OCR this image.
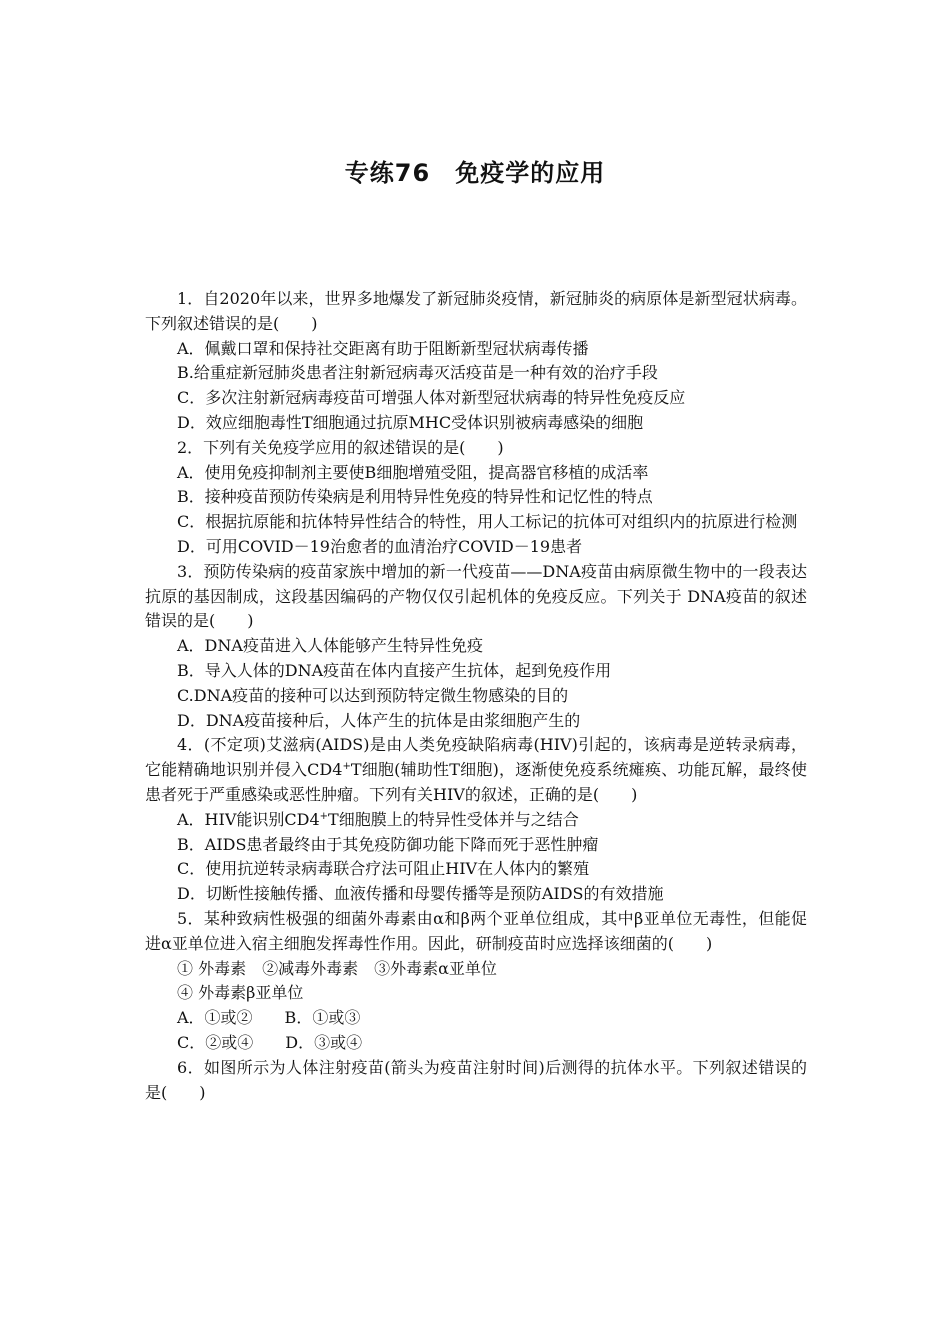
专练76　免疫学的应用

1．自2020年以来，世界多地爆发了新冠肺炎疫情，新冠肺炎的病原体是新型冠状病毒。下列叙述错误的是(　　)

A．佩戴口罩和保持社交距离有助于阻断新型冠状病毒传播

B.给重症新冠肺炎患者注射新冠病毒灭活疫苗是一种有效的治疗手段

C．多次注射新冠病毒疫苗可增强人体对新型冠状病毒的特异性免疫反应

D．效应细胞毒性T细胞通过抗原MHC受体识别被病毒感染的细胞

2．下列有关免疫学应用的叙述错误的是(　　)

A．使用免疫抑制剂主要使B细胞增殖受阻，提高器官移植的成活率

B．接种疫苗预防传染病是利用特异性免疫的特异性和记忆性的特点

C．根据抗原能和抗体特异性结合的特性，用人工标记的抗体可对组织内的抗原进行检测

D．可用COVID－19治愈者的血清治疗COVID－19患者

3．预防传染病的疫苗家族中增加的新一代疫苗——DNA疫苗由病原微生物中的一段表达抗原的基因制成，这段基因编码的产物仅仅引起机体的免疫反应。下列关于 DNA疫苗的叙述错误的是(　　)

A．DNA疫苗进入人体能够产生特异性免疫

B．导入人体的DNA疫苗在体内直接产生抗体，起到免疫作用

C.DNA疫苗的接种可以达到预防特定微生物感染的目的

D．DNA疫苗接种后，人体产生的抗体是由浆细胞产生的

4．(不定项)艾滋病(AIDS)是由人类免疫缺陷病毒(HIV)引起的，该病毒是逆转录病毒，它能精确地识别并侵入CD4+T细胞(辅助性T细胞)，逐渐使免疫系统瘫痪、功能瓦解，最终使患者死于严重感染或恶性肿瘤。下列有关HIV的叙述，正确的是(　　)

A．HIV能识别CD4+T细胞膜上的特异性受体并与之结合

B．AIDS患者最终由于其免疫防御功能下降而死于恶性肿瘤

C．使用抗逆转录病毒联合疗法可阻止HIV在人体内的繁殖

D．切断性接触传播、血液传播和母婴传播等是预防AIDS的有效措施

5．某种致病性极强的细菌外毒素由α和β两个亚单位组成，其中β亚单位无毒性，但能促进α亚单位进入宿主细胞发挥毒性作用。因此，研制疫苗时应选择该细菌的(　　)

① 外毒素　②减毒外毒素　③外毒素α亚单位

④ 外毒素β亚单位

A．①或②　　B．①或③

C．②或④　　D．③或④

6．如图所示为人体注射疫苗(箭头为疫苗注射时间)后测得的抗体水平。下列叙述错误的是(　　)
